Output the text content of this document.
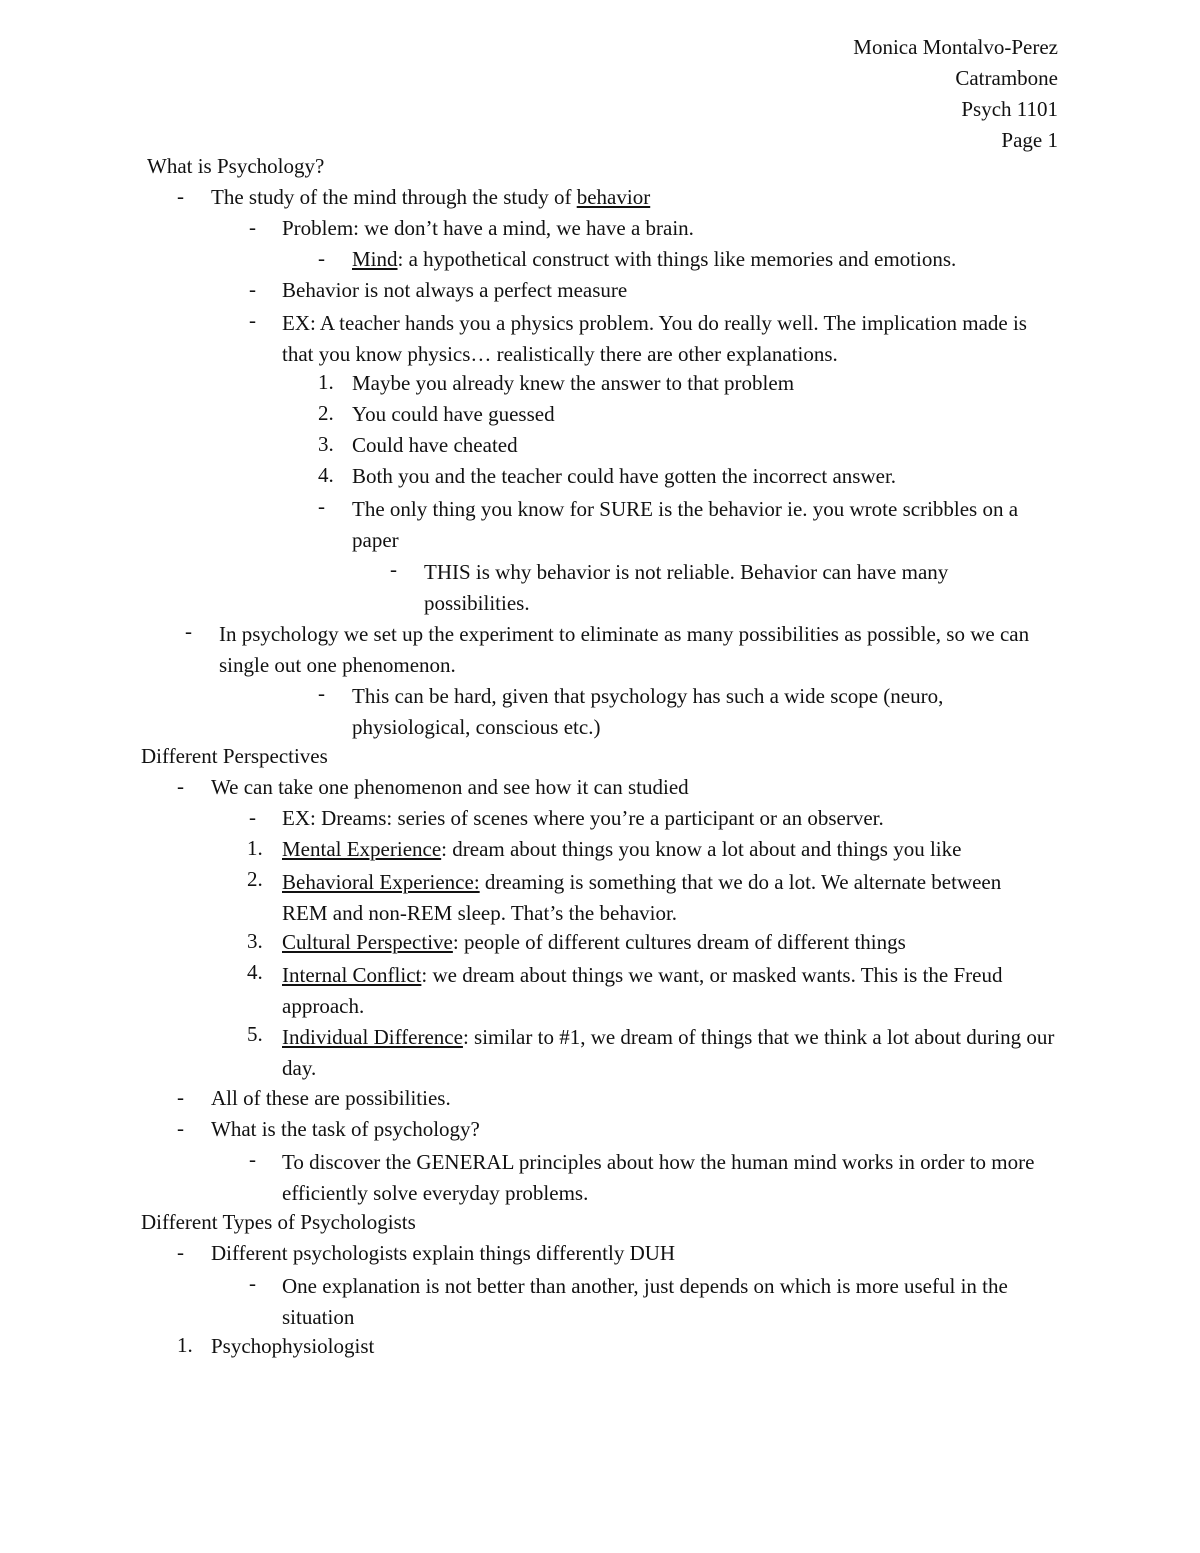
Monica Montalvo-Perez
Catrambone
Psych 1101
Page 1
What is Psychology?
- The study of the mind through the study of behavior
- Problem: we don’t have a mind, we have a brain.
- Mind: a hypothetical construct with things like memories and emotions.
- Behavior is not always a perfect measure
- EX: A teacher hands you a physics problem. You do really well. The implication made is that you know physics… realistically there are other explanations.
1. Maybe you already knew the answer to that problem
2. You could have guessed
3. Could have cheated
4. Both you and the teacher could have gotten the incorrect answer.
- The only thing you know for SURE is the behavior ie. you wrote scribbles on a paper
- THIS is why behavior is not reliable. Behavior can have many possibilities.
- In psychology we set up the experiment to eliminate as many possibilities as possible, so we can single out one phenomenon.
- This can be hard, given that psychology has such a wide scope (neuro, physiological, conscious etc.)
Different Perspectives
- We can take one phenomenon and see how it can studied
- EX: Dreams: series of scenes where you’re a participant or an observer.
1. Mental Experience: dream about things you know a lot about and things you like
2. Behavioral Experience: dreaming is something that we do a lot. We alternate between REM and non-REM sleep. That’s the behavior.
3. Cultural Perspective: people of different cultures dream of different things
4. Internal Conflict: we dream about things we want, or masked wants. This is the Freud approach.
5. Individual Difference: similar to #1, we dream of things that we think a lot about during our day.
- All of these are possibilities.
- What is the task of psychology?
- To discover the GENERAL principles about how the human mind works in order to more efficiently solve everyday problems.
Different Types of Psychologists
- Different psychologists explain things differently DUH
- One explanation is not better than another, just depends on which is more useful in the situation
1. Psychophysiologist
